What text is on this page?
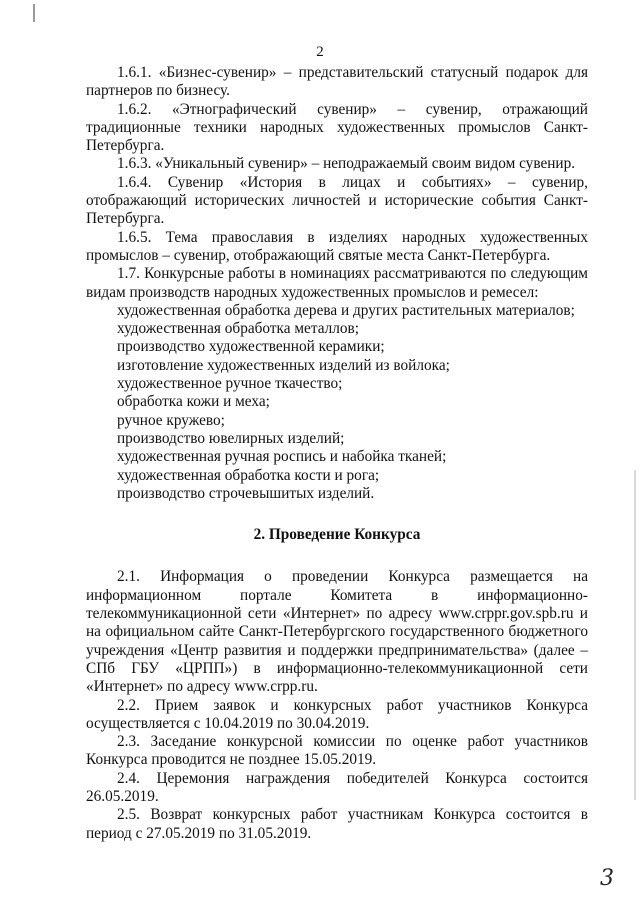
2

1.6.1. «Бизнес-сувенир» – представительский статусный подарок для партнеров по бизнесу.

1.6.2. «Этнографический сувенир» – сувенир, отражающий традиционные техники народных художественных промыслов Санкт-Петербурга.

1.6.3. «Уникальный сувенир» – неподражаемый своим видом сувенир.

1.6.4. Сувенир «История в лицах и событиях» – сувенир, отображающий исторических личностей и исторические события Санкт-Петербурга.

1.6.5. Тема православия в изделиях народных художественных промыслов – сувенир, отображающий святые места Санкт-Петербурга.

1.7. Конкурсные работы в номинациях рассматриваются по следующим видам производств народных художественных промыслов и ремесел:

художественная обработка дерева и других растительных материалов;
художественная обработка металлов;
производство художественной керамики;
изготовление художественных изделий из войлока;
художественное ручное ткачество;
обработка кожи и меха;
ручное кружево;
производство ювелирных изделий;
художественная ручная роспись и набойка тканей;
художественная обработка кости и рога;
производство строчевышитых изделий.
2. Проведение Конкурса

2.1. Информация о проведении Конкурса размещается на информационном портале Комитета в информационно-телекоммуникационной сети «Интернет» по адресу www.crppr.gov.spb.ru и на официальном сайте Санкт-Петербургского государственного бюджетного учреждения «Центр развития и поддержки предпринимательства» (далее – СПб ГБУ «ЦРПП») в информационно-телекоммуникационной сети «Интернет» по адресу www.crpp.ru.

2.2. Прием заявок и конкурсных работ участников Конкурса осуществляется с 10.04.2019 по 30.04.2019.

2.3. Заседание конкурсной комиссии по оценке работ участников Конкурса проводится не позднее 15.05.2019.

2.4. Церемония награждения победителей Конкурса состоится 26.05.2019.

2.5. Возврат конкурсных работ участникам Конкурса состоится в период с 27.05.2019 по 31.05.2019.

3
